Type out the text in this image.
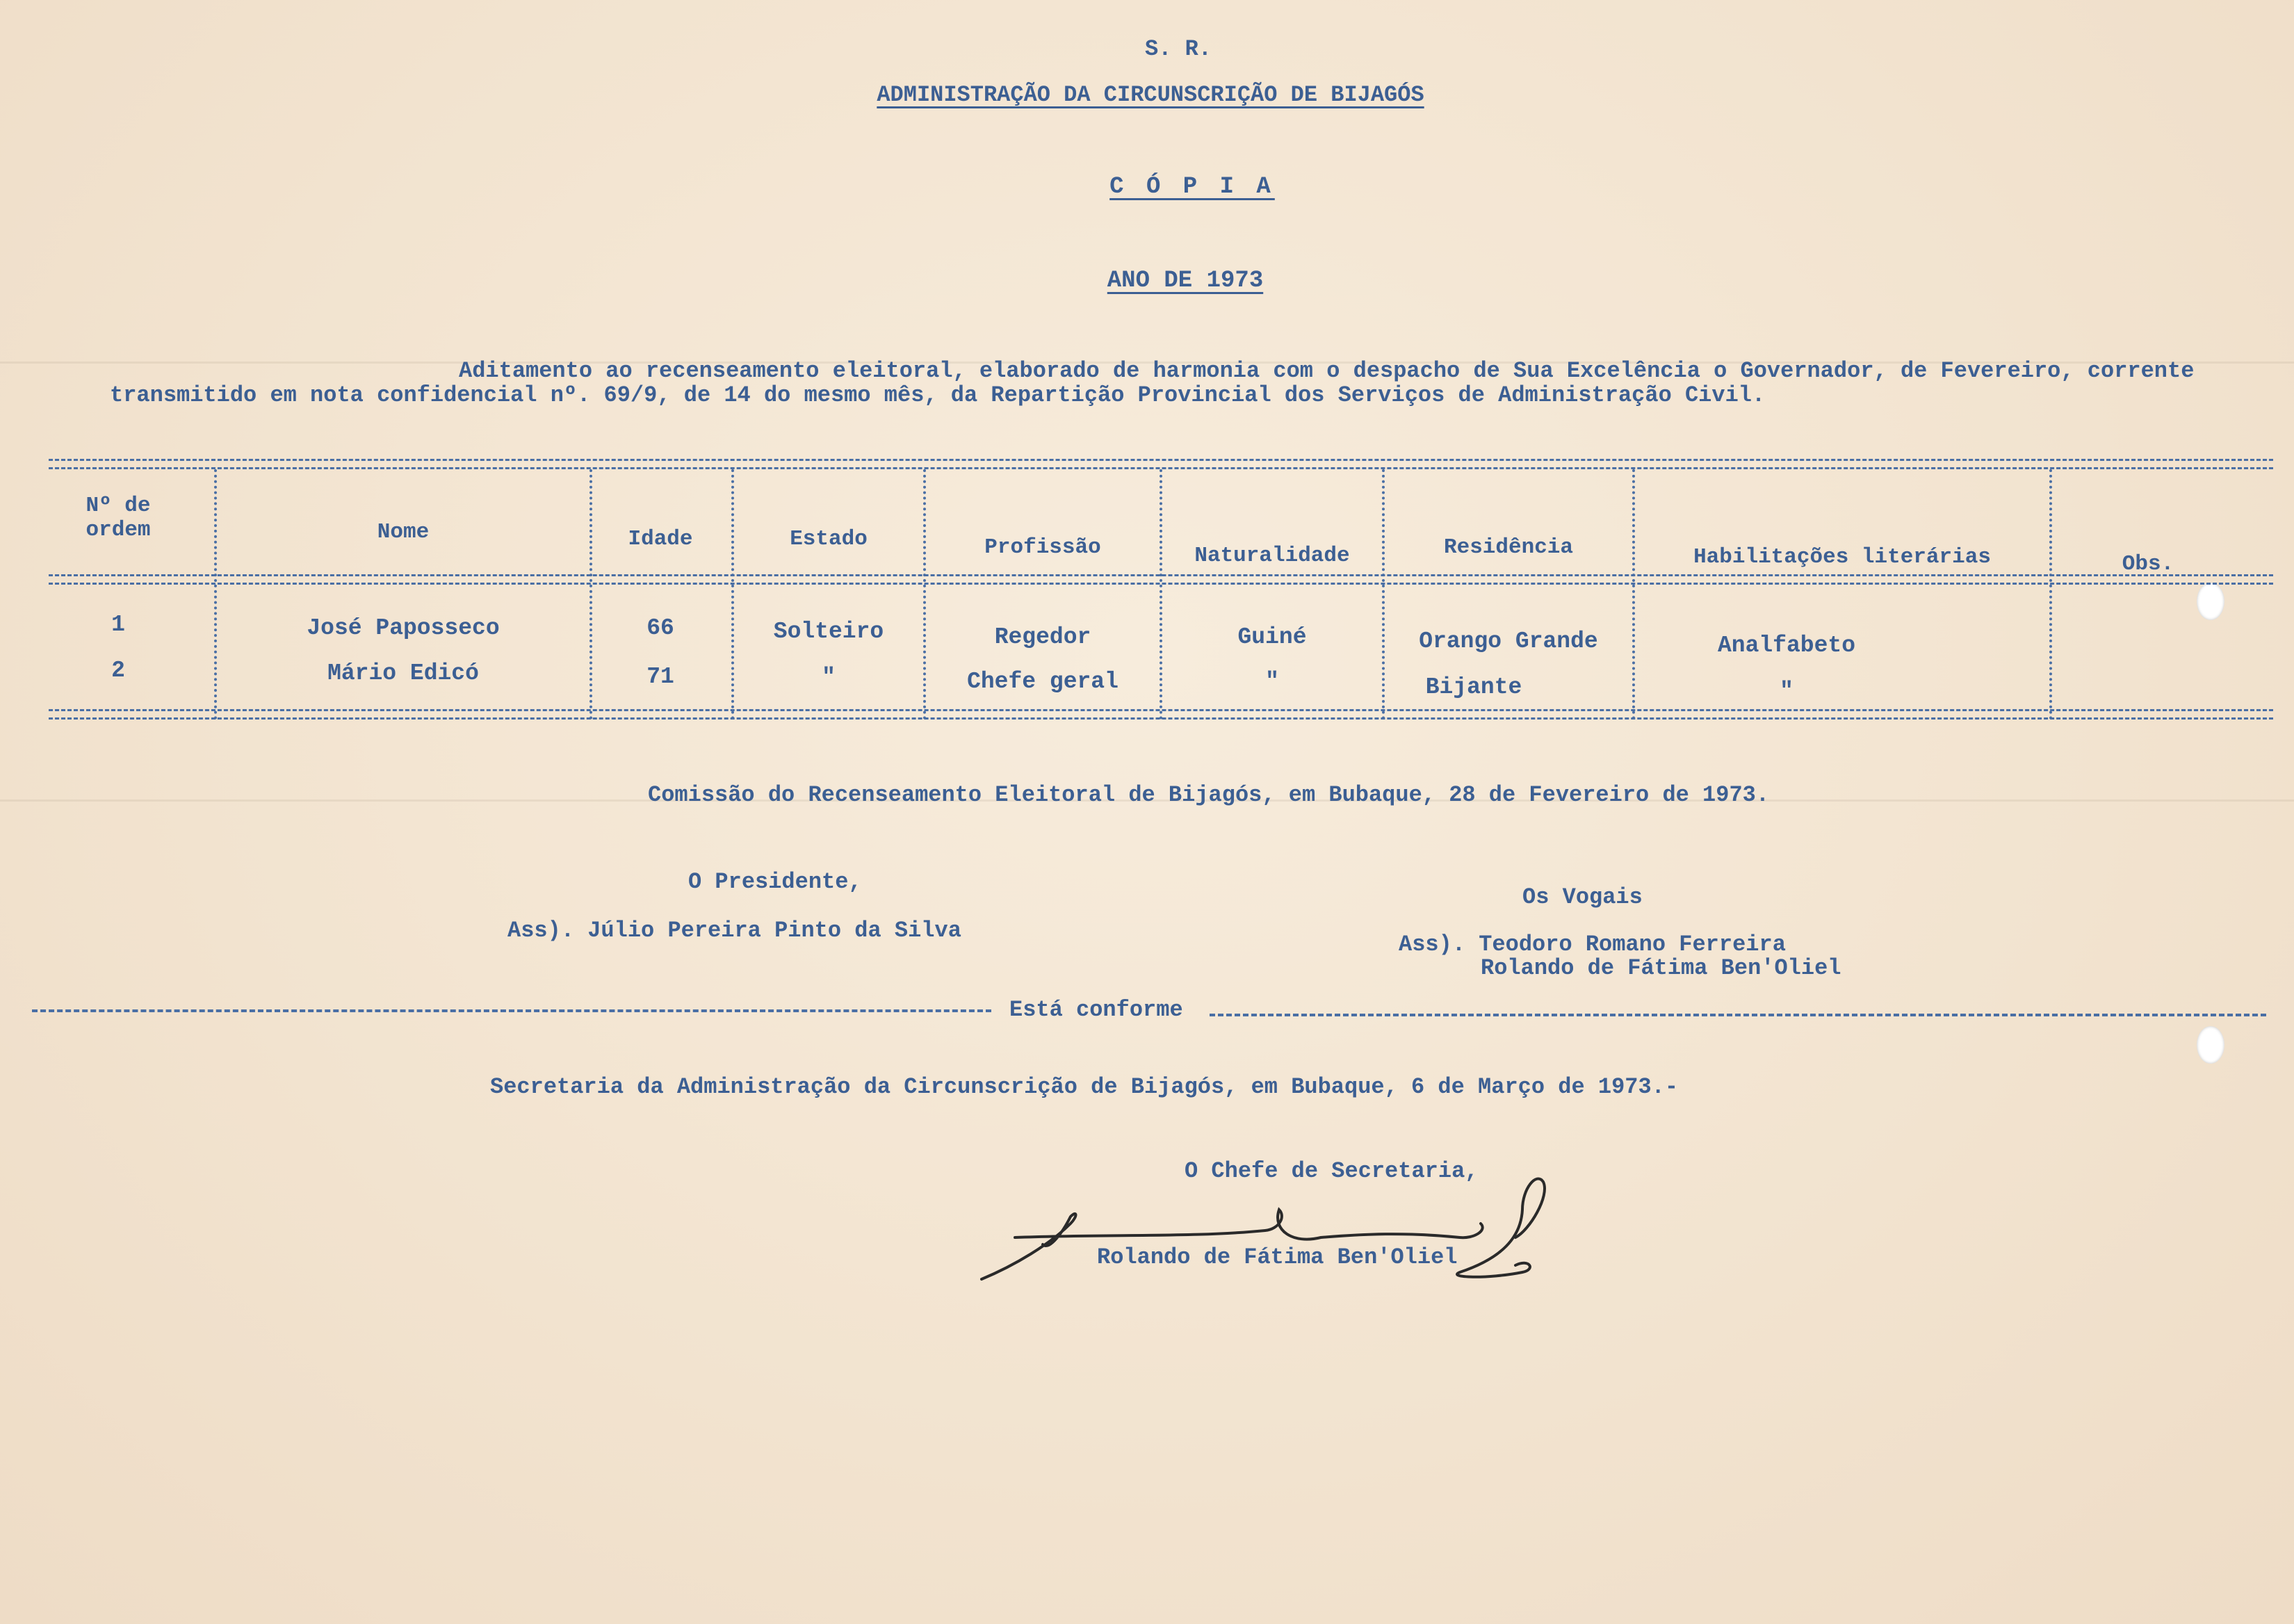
S. R.
ADMINISTRAÇÃO DA CIRCUNSCRIÇÃO DE BIJAGÓS
C Ó P I A
ANO DE 1973
Aditamento ao recenseamento eleitoral, elaborado de harmonia com o despacho de Sua Excelência o Governador, de Fevereiro, corrente
transmitido em nota confidencial nº. 69/9, de 14 do mesmo mês, da Repartição Provincial dos Serviços de Administração Civil.
Nº de
ordem	Nome	Idade	Estado	Profissão	Naturalidade	Residência	Habilitações literárias	Obs.
1	José Paposseco	66	Solteiro	Regedor	Guiné	Orango Grande	Analfabeto
2	Mário Edicó	71	"	Chefe geral	"	Bijante	"
Comissão do Recenseamento Eleitoral de Bijagós, em Bubaque, 28 de Fevereiro de 1973.
O Presidente,
Ass). Júlio Pereira Pinto da Silva
Os Vogais
Ass). Teodoro Romano Ferreira
Rolando de Fátima Ben'Oliel
Está conforme
Secretaria da Administração da Circunscrição de Bijagós, em Bubaque, 6 de Março de 1973.-
O Chefe de Secretaria,
Rolando de Fátima Ben'Oliel
